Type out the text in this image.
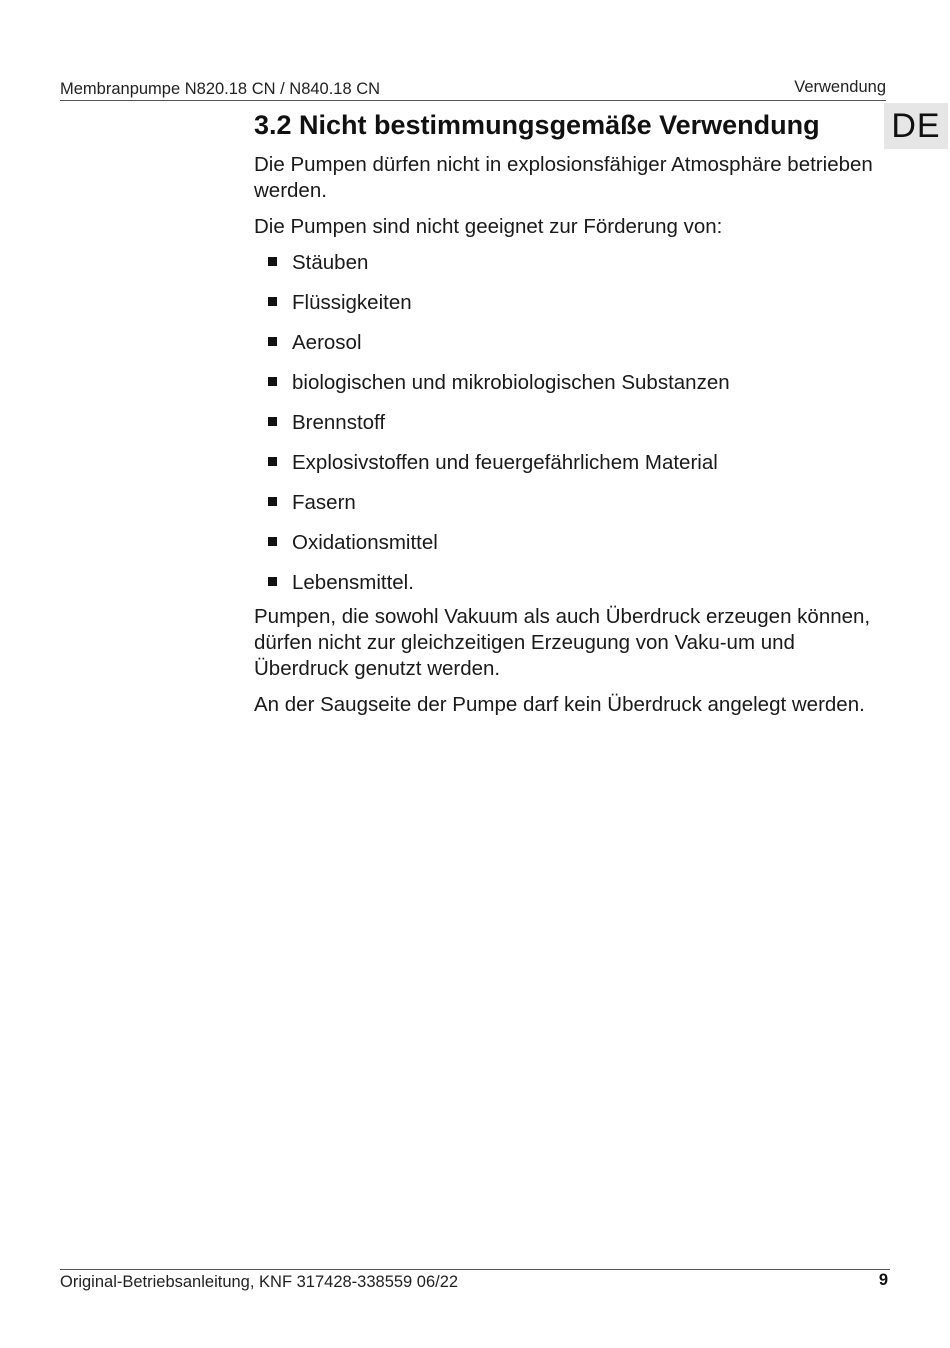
Membranpumpe N820.18 CN / N840.18 CN	Verwendung
DE
3.2 Nicht bestimmungsgemäße Verwendung

Die Pumpen dürfen nicht in explosionsfähiger Atmosphäre betrieben werden.

Die Pumpen sind nicht geeignet zur Förderung von:

Stäuben
Flüssigkeiten
Aerosol
biologischen und mikrobiologischen Substanzen
Brennstoff
Explosivstoffen und feuergefährlichem Material
Fasern
Oxidationsmittel
Lebensmittel.

Pumpen, die sowohl Vakuum als auch Überdruck erzeugen können, dürfen nicht zur gleichzeitigen Erzeugung von Vaku-um und Überdruck genutzt werden.

An der Saugseite der Pumpe darf kein Überdruck angelegt werden.

Original-Betriebsanleitung, KNF 317428-338559 06/22	9
